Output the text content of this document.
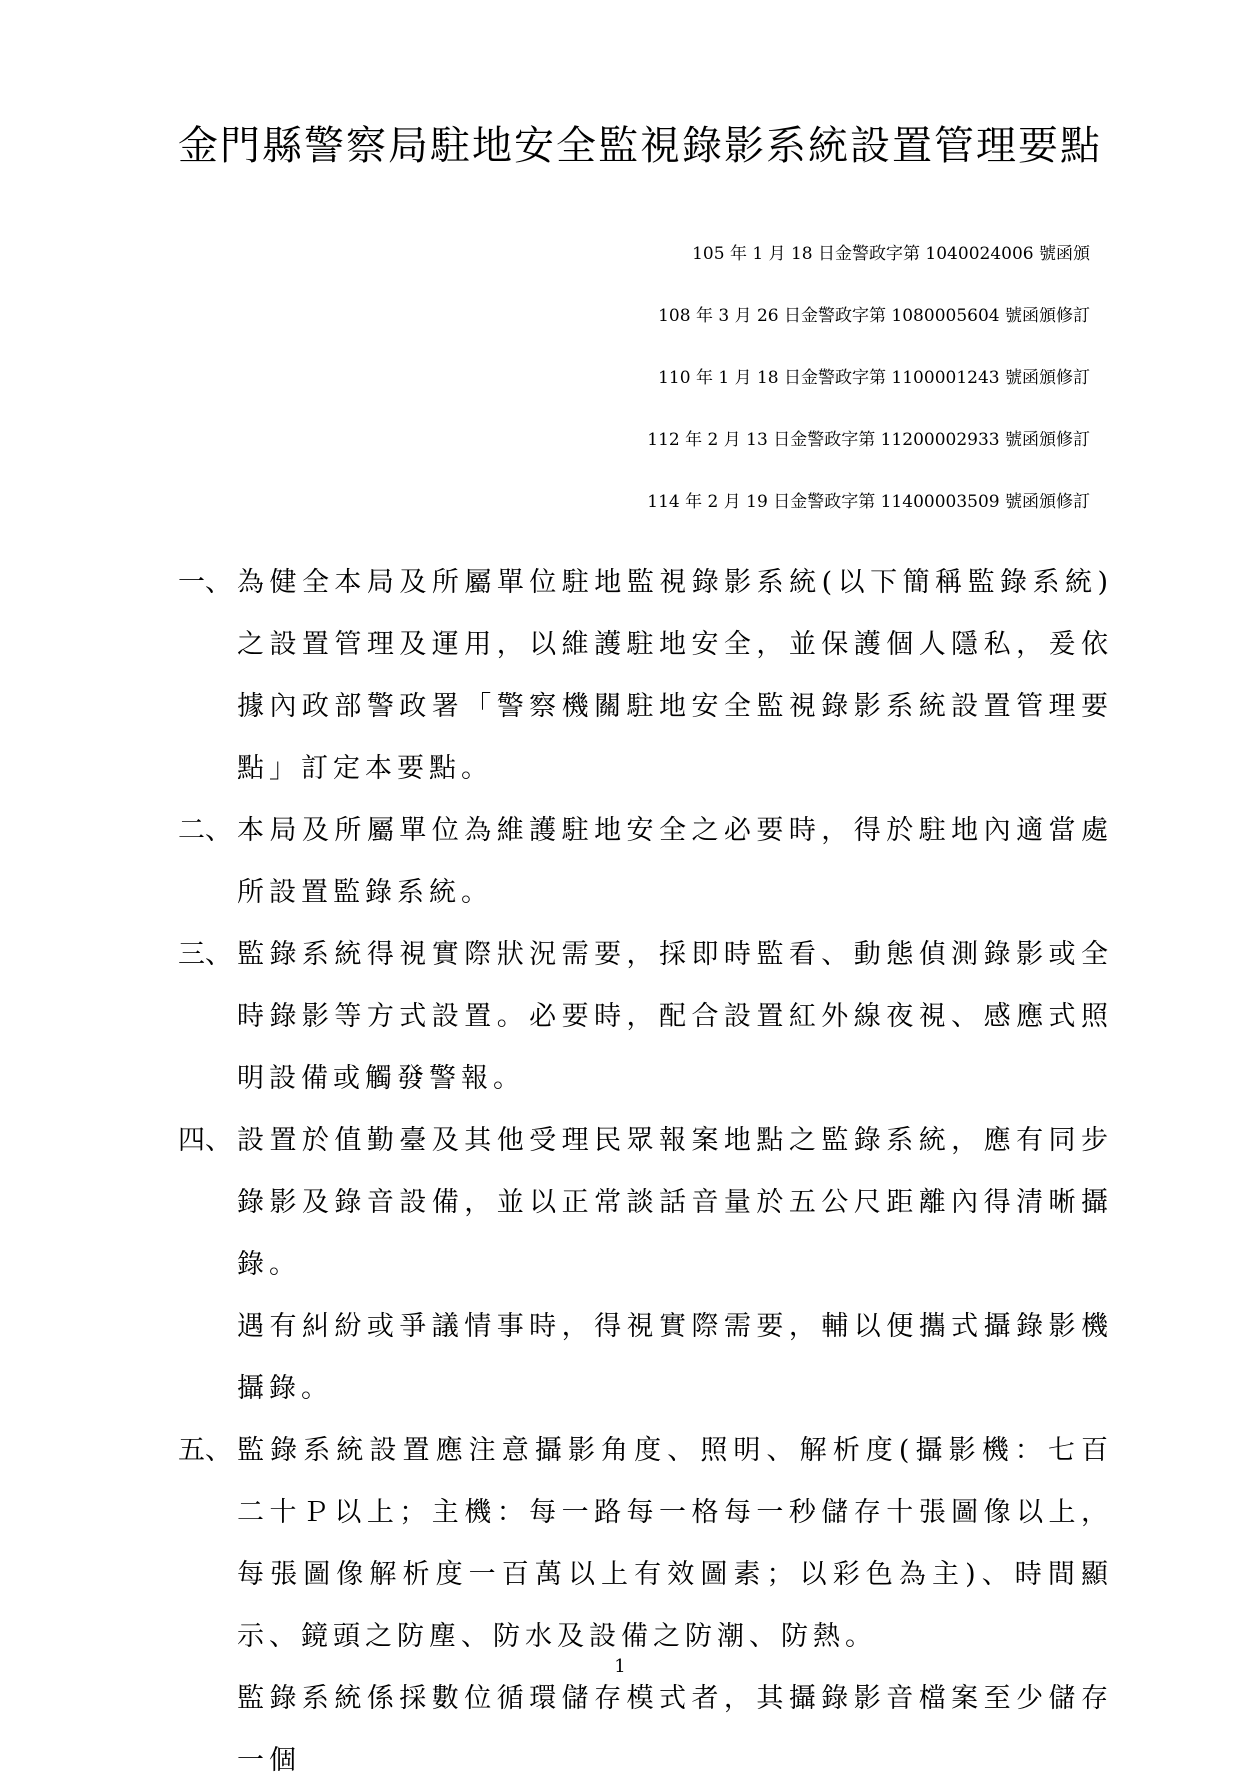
金門縣警察局駐地安全監視錄影系統設置管理要點
105 年 1 月 18 日金警政字第 1040024006 號函頒
108 年 3 月 26 日金警政字第 1080005604 號函頒修訂
110 年 1 月 18 日金警政字第 1100001243 號函頒修訂
112 年 2 月 13 日金警政字第 11200002933 號函頒修訂
114 年 2 月 19 日金警政字第 11400003509 號函頒修訂

一、 為健全本局及所屬單位駐地監視錄影系統(以下簡稱監錄系統)之設置管理及運用，以維護駐地安全，並保護個人隱私，爰依據內政部警政署「警察機關駐地安全監視錄影系統設置管理要點」訂定本要點。

二、 本局及所屬單位為維護駐地安全之必要時，得於駐地內適當處所設置監錄系統。

三、 監錄系統得視實際狀況需要，採即時監看、動態偵測錄影或全時錄影等方式設置。必要時，配合設置紅外線夜視、感應式照明設備或觸發警報。

四、 設置於值勤臺及其他受理民眾報案地點之監錄系統，應有同步錄影及錄音設備，並以正常談話音量於五公尺距離內得清晰攝錄。

遇有糾紛或爭議情事時，得視實際需要，輔以便攜式攝錄影機攝錄。

五、 監錄系統設置應注意攝影角度、照明、解析度(攝影機：七百二十Ｐ以上；主機：每一路每一格每一秒儲存十張圖像以上，每張圖像解析度一百萬以上有效圖素；以彩色為主)、時間顯示、鏡頭之防塵、防水及設備之防潮、防熱。

監錄系統係採數位循環儲存模式者，其攝錄影音檔案至少儲存一個

1
